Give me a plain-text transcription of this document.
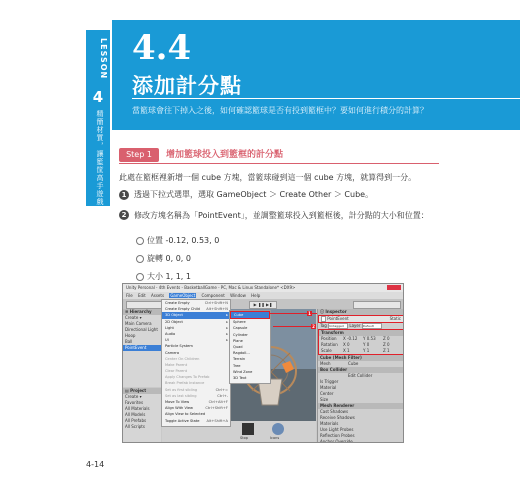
LESSON
4
精簡材質，讓籃筐高手遊戲
4-14
4.4
添加計分點
當籃球會往下掉入之後，如何確認籃球是否有投到籃框中？要如何進行積分的計算？
Step 1	增加籃球投入到籃框的計分點
此處在籃框裡新增一個 cube 方塊，當籃球碰到這一個 cube 方塊，就算得到一分。
1 透過下拉式選單，選取 GameObject ＞ Create Other ＞ Cube。
2 修改方塊名稱為「PointEvent」，並調整籃球投入到籃框後，計分點的大小和位置：
位置 -0.12, 0.53, 0
旋轉 0, 0, 0
大小 1, 1, 1
Unity Personal - 4th Events - BasketballGame - PC, Mac & Linux Standalone* <DX9>
File Edit Assets GameObject Component Window Help
▶ ❚❚ ▶❚
≡ Hierarchy
Create ▾
Main Camera
Directional Light
Hoop
Ball
PointEvent
▤ Project
Create ▾
Favorites
All Materials
All Models
All Prefabs
All Scripts
Stop	Icons
Create Empty	Ctrl+Shift+N
Create Empty Child Alt+Shift+N
3D Object	▸
2D Object	▸
Light	▸
Audio	▸
UI	▸
Particle System
Camera
Center On Children
Make Parent
Clear Parent
Apply Changes To Prefab
Break Prefab Instance
Set as first sibling	Ctrl+=
Set as last sibling	Ctrl+-
Move To View	Ctrl+Alt+F
Align With View	Ctrl+Shift+F
Align View to Selected
Toggle Active State Alt+Shift+A
Cube
Sphere
Capsule
Cylinder
Plane
Quad
Ragdoll...
Terrain
Tree
Wind Zone
3D Text
1	ⓘ Inspector
PointEvent	Static
Tag Untagged Layer Default
Transform
Position X -0.12 Y 0.53 Z 0
Rotation X 0	Y 0	Z 0
Scale	X 1	Y 1	Z 1
Cube (Mesh Filter)
Mesh	Cube
Box Collider
Edit Collider
Is Trigger
Material
Center
Size
Mesh Renderer
Cast Shadows
Receive Shadows
Materials
Use Light Probes
Reflection Probes
Anchor Override
2
